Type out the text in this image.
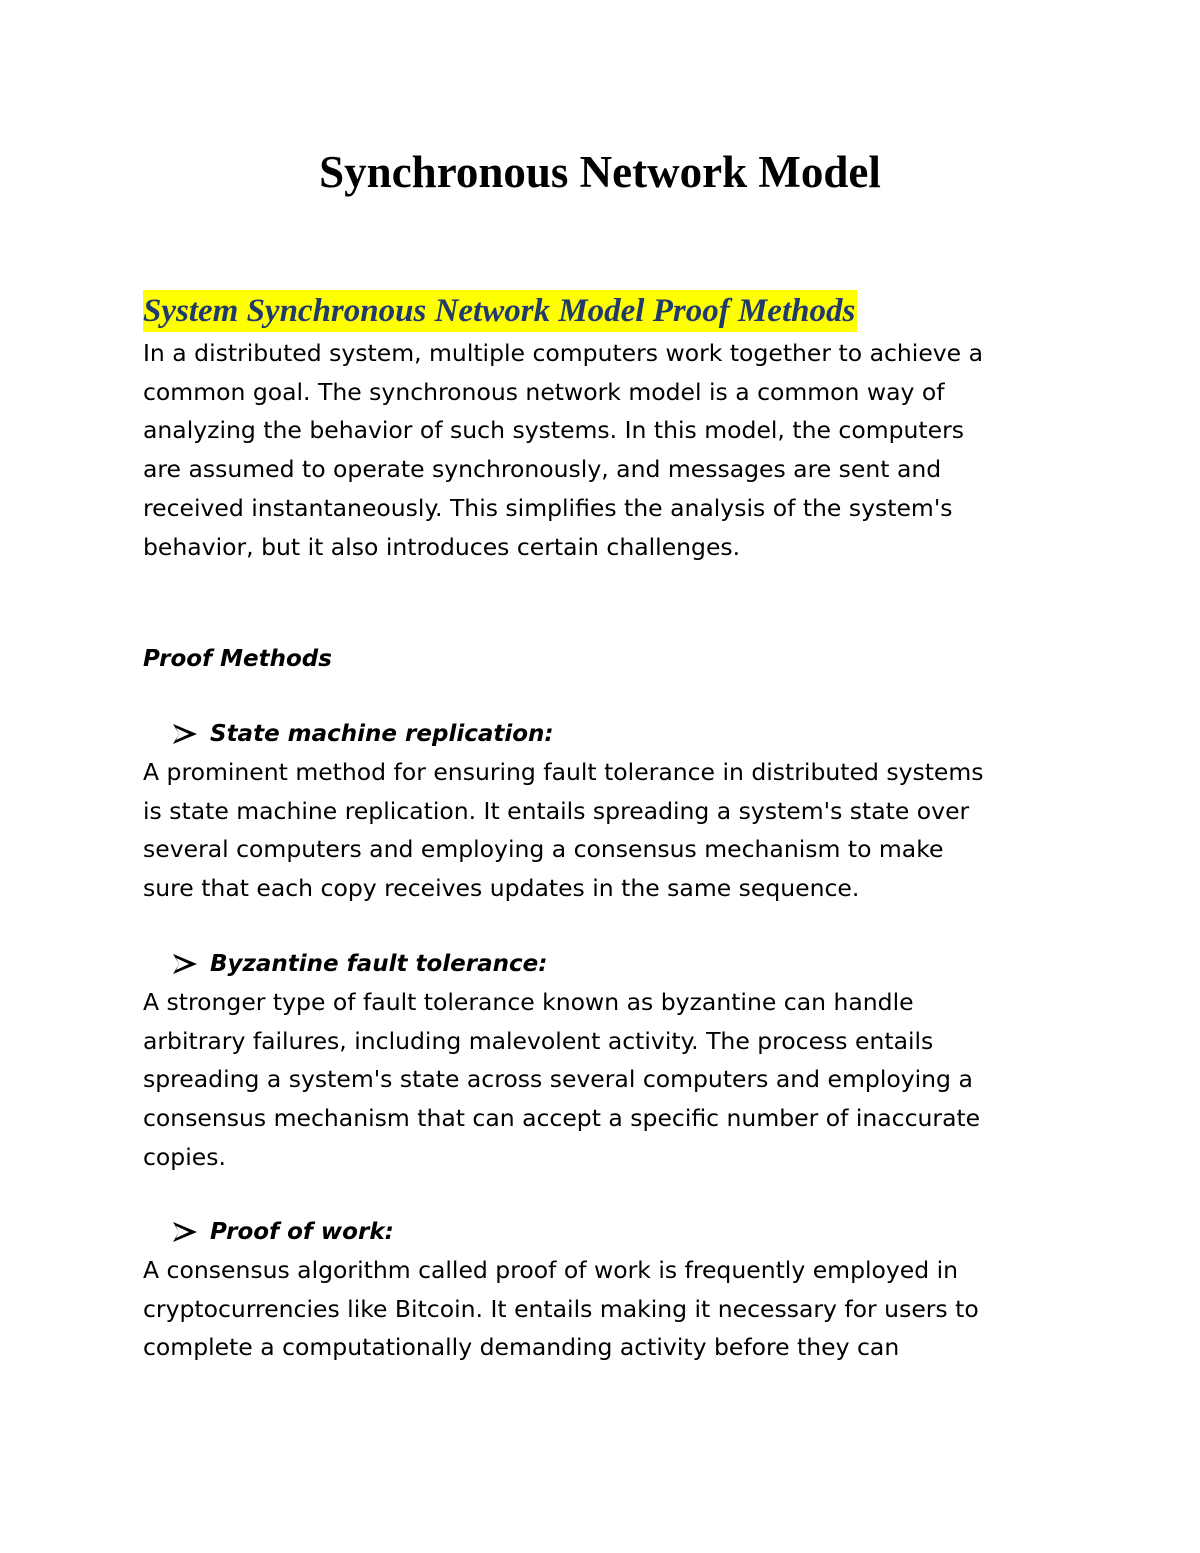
Synchronous Network Model
System Synchronous Network Model Proof Methods
In a distributed system, multiple computers work together to achieve a
common goal. The synchronous network model is a common way of
analyzing the behavior of such systems. In this model, the computers
are assumed to operate synchronously, and messages are sent and
received instantaneously. This simplifies the analysis of the system's
behavior, but it also introduces certain challenges.
Proof Methods
State machine replication:
A prominent method for ensuring fault tolerance in distributed systems
is state machine replication. It entails spreading a system's state over
several computers and employing a consensus mechanism to make
sure that each copy receives updates in the same sequence.
Byzantine fault tolerance:
A stronger type of fault tolerance known as byzantine can handle
arbitrary failures, including malevolent activity. The process entails
spreading a system's state across several computers and employing a
consensus mechanism that can accept a specific number of inaccurate
copies.
Proof of work:
A consensus algorithm called proof of work is frequently employed in
cryptocurrencies like Bitcoin. It entails making it necessary for users to
complete a computationally demanding activity before they can
